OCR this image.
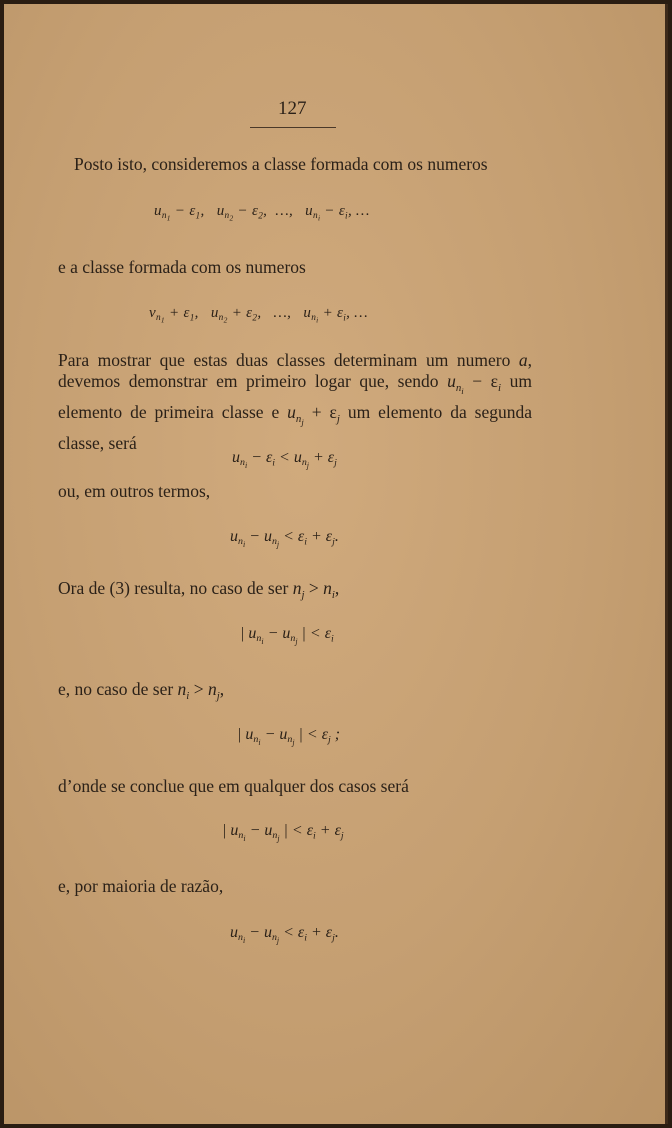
127
Posto isto, consideremos a classe formada com os numeros
$u_{n_1} - \varepsilon_1$,   $u_{n_2} - \varepsilon_2$,  …,   $u_{n_i} - \varepsilon_i$, …
e a classe formada com os numeros
$v_{n_1} + \varepsilon_1$,   $u_{n_2} + \varepsilon_2$,   …,   $u_{n_i} + \varepsilon_i$, …
Para mostrar que estas duas classes determinam um numero a, devemos demonstrar em primeiro logar que, sendo $u_{n_i} - \varepsilon_i$ um elemento de primeira classe e $u_{n_j} + \varepsilon_j$ um elemento da segunda classe, será
$u_{n_i} - \varepsilon_i < u_{n_j} + \varepsilon_j$
ou, em outros termos,
$u_{n_i} - u_{n_j} < \varepsilon_i + \varepsilon_j$.
Ora de (3) resulta, no caso de ser $n_j > n_i$,
| $u_{n_i} - u_{n_j}$ | < $\varepsilon_i$
e, no caso de ser $n_i > n_j$,
| $u_{n_i} - u_{n_j}$ | < $\varepsilon_j$ ;
d’onde se conclue que em qualquer dos casos será
| $u_{n_i} - u_{n_j}$ | < $\varepsilon_i + \varepsilon_j$
e, por maioria de razão,
$u_{n_i} - u_{n_j} < \varepsilon_i + \varepsilon_j$.
